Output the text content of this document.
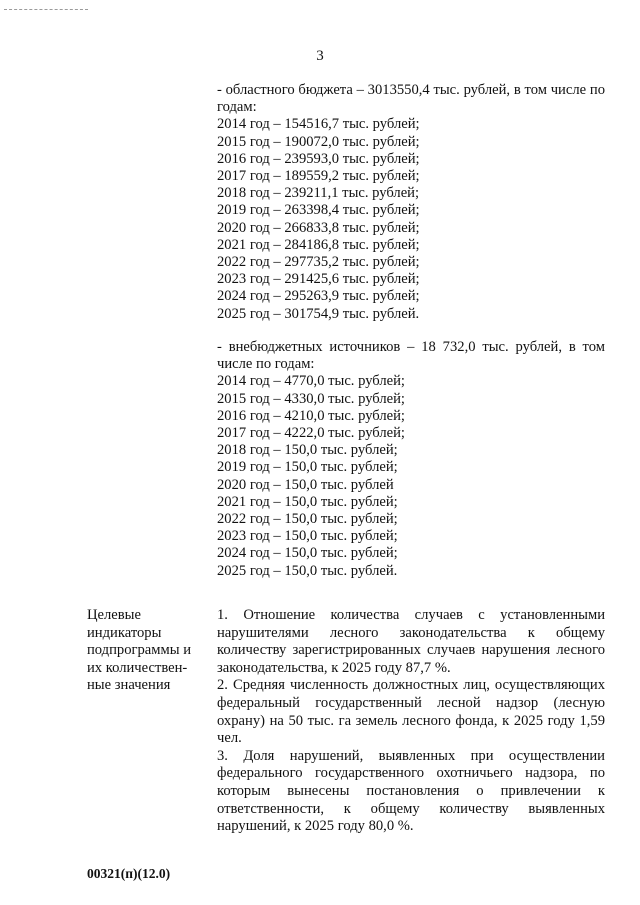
3

- областного бюджета – 3013550,4 тыс. рублей, в том числе по годам:

2014 год – 154516,7 тыс. рублей;

2015 год – 190072,0 тыс. рублей;

2016 год – 239593,0 тыс. рублей;

2017 год – 189559,2 тыс. рублей;

2018 год – 239211,1 тыс. рублей;

2019 год – 263398,4 тыс. рублей;

2020 год – 266833,8 тыс. рублей;

2021 год – 284186,8 тыс. рублей;

2022 год – 297735,2 тыс. рублей;

2023 год – 291425,6 тыс. рублей;

2024 год – 295263,9 тыс. рублей;

2025 год – 301754,9 тыс. рублей.

- внебюджетных источников – 18 732,0 тыс. рублей, в том числе по годам:

2014 год – 4770,0 тыс. рублей;

2015 год – 4330,0 тыс. рублей;

2016 год – 4210,0 тыс. рублей;

2017 год – 4222,0 тыс. рублей;

2018 год – 150,0 тыс. рублей;

2019 год – 150,0 тыс. рублей;

2020 год – 150,0 тыс. рублей

2021 год – 150,0 тыс. рублей;

2022 год – 150,0 тыс. рублей;

2023 год – 150,0 тыс. рублей;

2024 год – 150,0 тыс. рублей;

2025 год – 150,0 тыс. рублей.

Целевые
индикаторы
подпрограммы и
их количествен-
ные значения

1. Отношение количества случаев с установленными нарушителями лесного законодательства к общему количеству зарегистрированных случаев нарушения лесного законодательства, к 2025 году 87,7 %.

2. Средняя численность должностных лиц, осуществляющих федеральный государственный лесной надзор (лесную охрану) на 50 тыс. га земель лесного фонда, к 2025 году 1,59 чел.

3. Доля нарушений, выявленных при осуществлении федерального государственного охотничьего надзора, по которым вынесены постановления о привлечении к ответственности, к общему количеству выявленных нарушений, к 2025 году 80,0 %.

00321(п)(12.0)
